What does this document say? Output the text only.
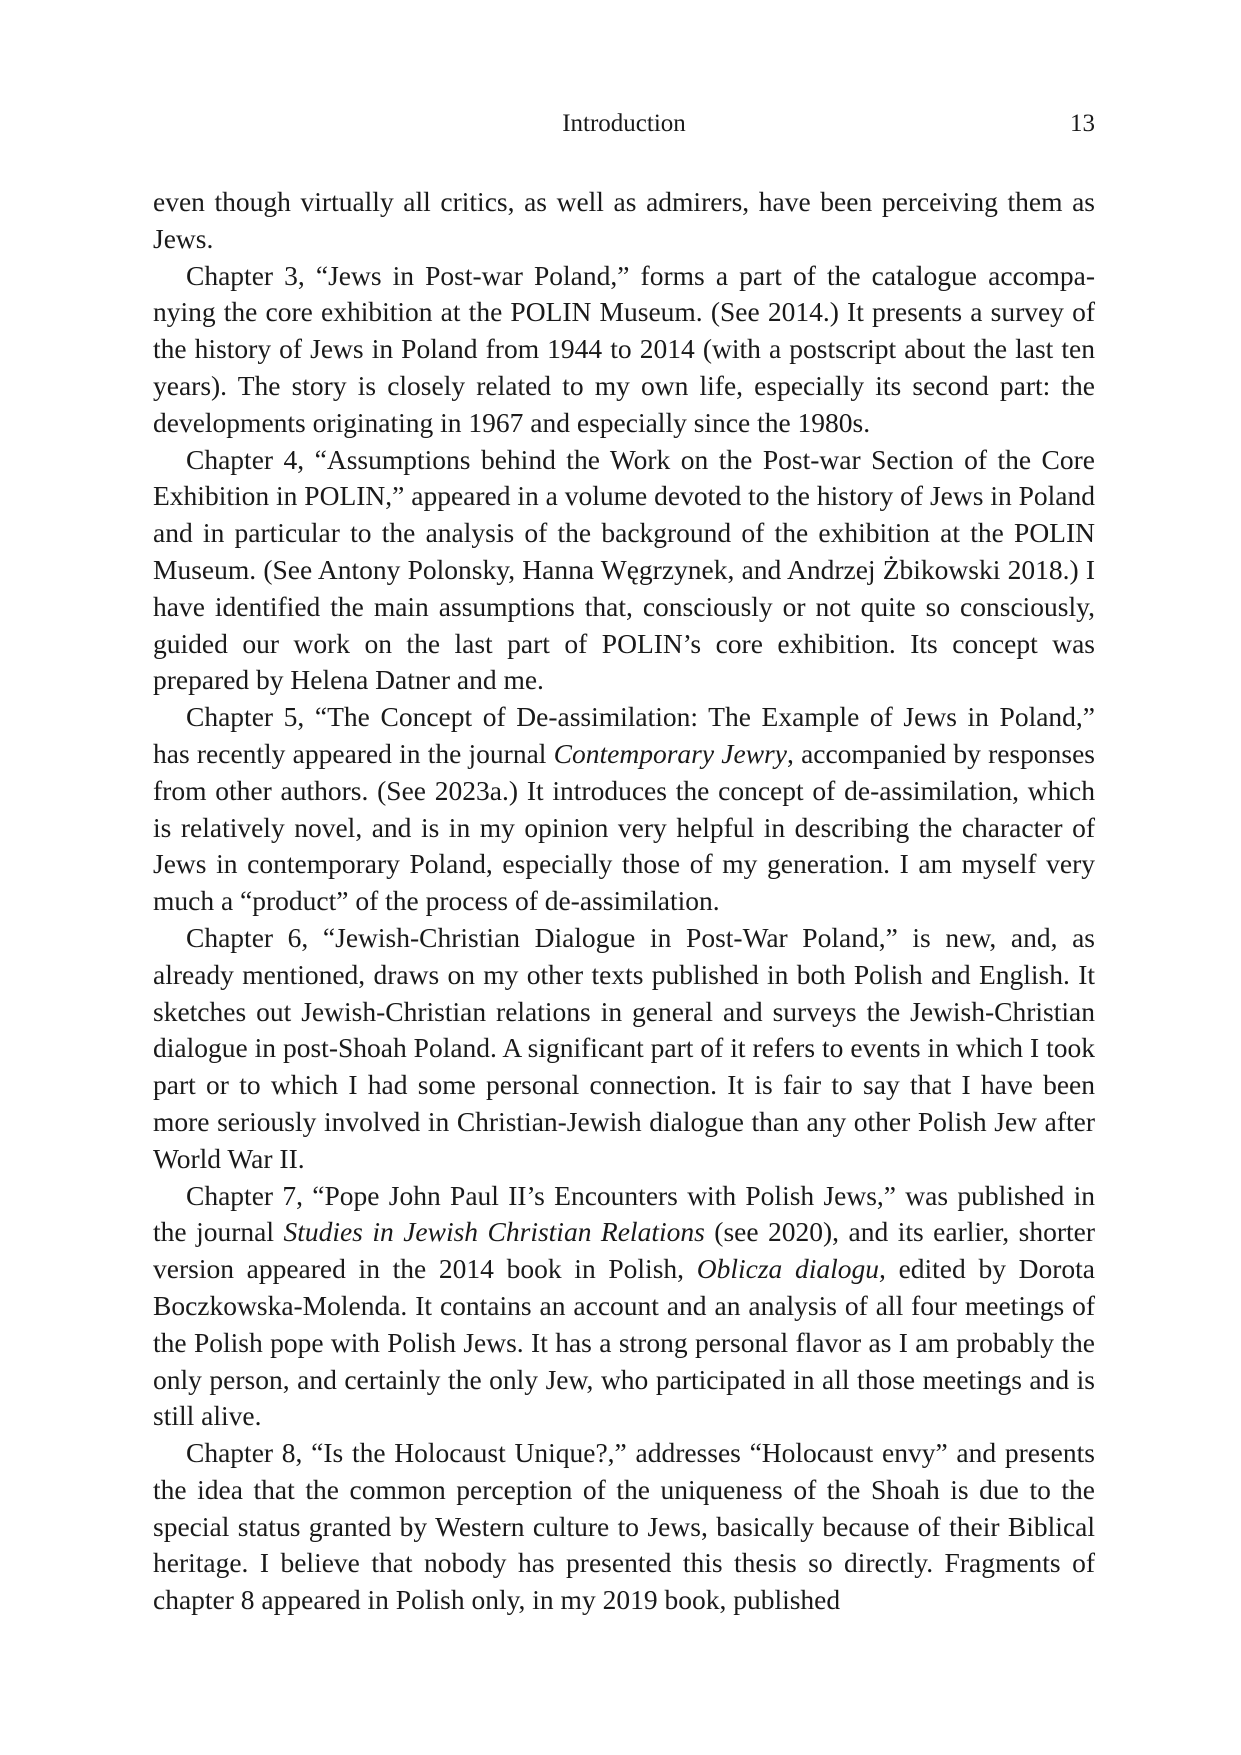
Introduction	13

even though virtually all critics, as well as admirers, have been perceiving them as Jews.

Chapter 3, “Jews in Post-war Poland,” forms a part of the catalogue accompanying the core exhibition at the POLIN Museum. (See 2014.) It presents a survey of the history of Jews in Poland from 1944 to 2014 (with a postscript about the last ten years). The story is closely related to my own life, especially its second part: the developments originating in 1967 and especially since the 1980s.

Chapter 4, “Assumptions behind the Work on the Post-war Section of the Core Exhibition in POLIN,” appeared in a volume devoted to the history of Jews in Poland and in particular to the analysis of the background of the exhibition at the POLIN Museum. (See Antony Polonsky, Hanna Węgrzynek, and Andrzej Żbikowski 2018.) I have identified the main assumptions that, consciously or not quite so consciously, guided our work on the last part of POLIN’s core exhibition. Its concept was prepared by Helena Datner and me.

Chapter 5, “The Concept of De-assimilation: The Example of Jews in Poland,” has recently appeared in the journal Contemporary Jewry, accompanied by responses from other authors. (See 2023a.) It introduces the concept of de-assimilation, which is relatively novel, and is in my opinion very helpful in describing the character of Jews in contemporary Poland, especially those of my generation. I am myself very much a “product” of the process of de-assimilation.

Chapter 6, “Jewish-Christian Dialogue in Post-War Poland,” is new, and, as already mentioned, draws on my other texts published in both Polish and English. It sketches out Jewish-Christian relations in general and surveys the Jewish-Christian dialogue in post-Shoah Poland. A significant part of it refers to events in which I took part or to which I had some personal connection. It is fair to say that I have been more seriously involved in Christian-Jewish dialogue than any other Polish Jew after World War II.

Chapter 7, “Pope John Paul II’s Encounters with Polish Jews,” was published in the journal Studies in Jewish Christian Relations (see 2020), and its earlier, shorter version appeared in the 2014 book in Polish, Oblicza dialogu, edited by Dorota Boczkowska-Molenda. It contains an account and an analysis of all four meetings of the Polish pope with Polish Jews. It has a strong personal flavor as I am probably the only person, and certainly the only Jew, who participated in all those meetings and is still alive.

Chapter 8, “Is the Holocaust Unique?,” addresses “Holocaust envy” and presents the idea that the common perception of the uniqueness of the Shoah is due to the special status granted by Western culture to Jews, basically because of their Biblical heritage. I believe that nobody has presented this thesis so directly. Fragments of chapter 8 appeared in Polish only, in my 2019 book, published
